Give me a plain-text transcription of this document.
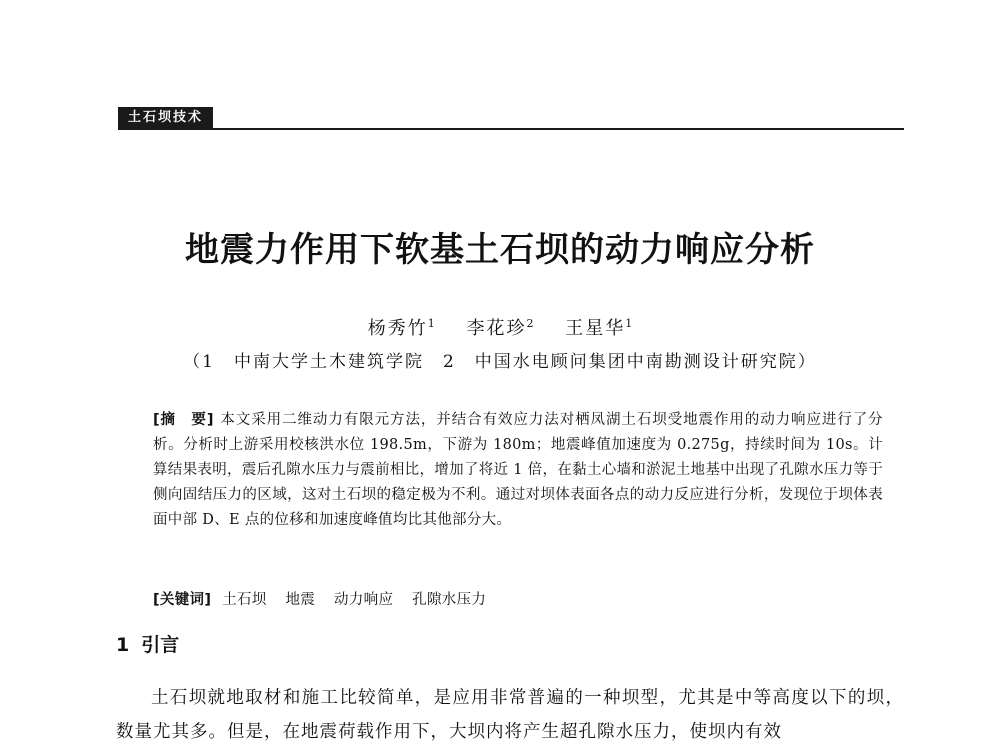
土石坝技术
地震力作用下软基土石坝的动力响应分析
杨秀竹$^1$ 李花珍$^2$ 王星华$^1$
（1　中南大学土木建筑学院　2　中国水电顾问集团中南勘测设计研究院）
[摘　要] 本文采用二维动力有限元方法，并结合有效应力法对栖凤湖土石坝受地震作用的动力响应进行了分析。分析时上游采用校核洪水位 198.5m，下游为 180m；地震峰值加速度为 0.275g，持续时间为 10s。计算结果表明，震后孔隙水压力与震前相比，增加了将近 1 倍，在黏土心墙和淤泥土地基中出现了孔隙水压力等于侧向固结压力的区域，这对土石坝的稳定极为不利。通过对坝体表面各点的动力反应进行分析，发现位于坝体表面中部 D、E 点的位移和加速度峰值均比其他部分大。
[关键词] 土石坝 地震 动力响应 孔隙水压力
1 引言
土石坝就地取材和施工比较简单，是应用非常普遍的一种坝型，尤其是中等高度以下的坝，数量尤其多。但是，在地震荷载作用下，大坝内将产生超孔隙水压力，使坝内有效
